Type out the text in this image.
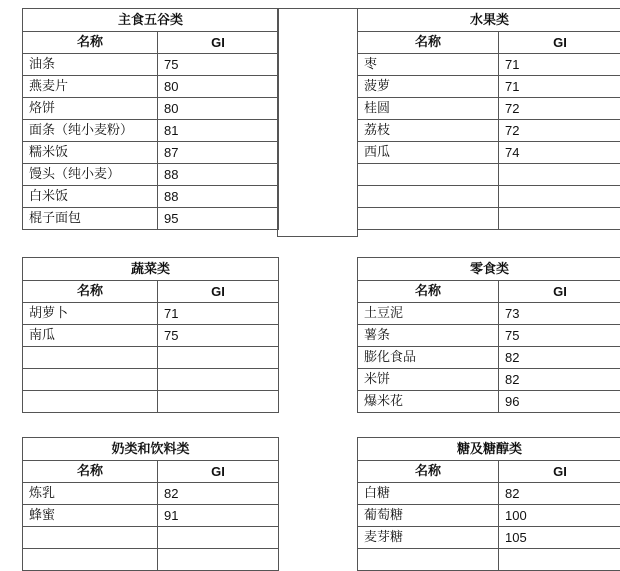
主食五谷类	
名称	GI
油条	75
燕麦片	80
烙饼	80
面条（纯小麦粉）	81
糯米饭	87
馒头（纯小麦）	88
白米饭	88
棍子面包	95
水果类	
名称	GI
枣	71
菠萝	71
桂圆	72
荔枝	72
西瓜	74

蔬菜类	
名称	GI
胡萝卜	71
南瓜	75

零食类	
名称	GI
土豆泥	73
薯条	75
膨化食品	82
米饼	82
爆米花	96
奶类和饮料类	
名称	GI
炼乳	82
蜂蜜	91

糖及糖醇类	
名称	GI
白糖	82
葡萄糖	100
麦芽糖	105
